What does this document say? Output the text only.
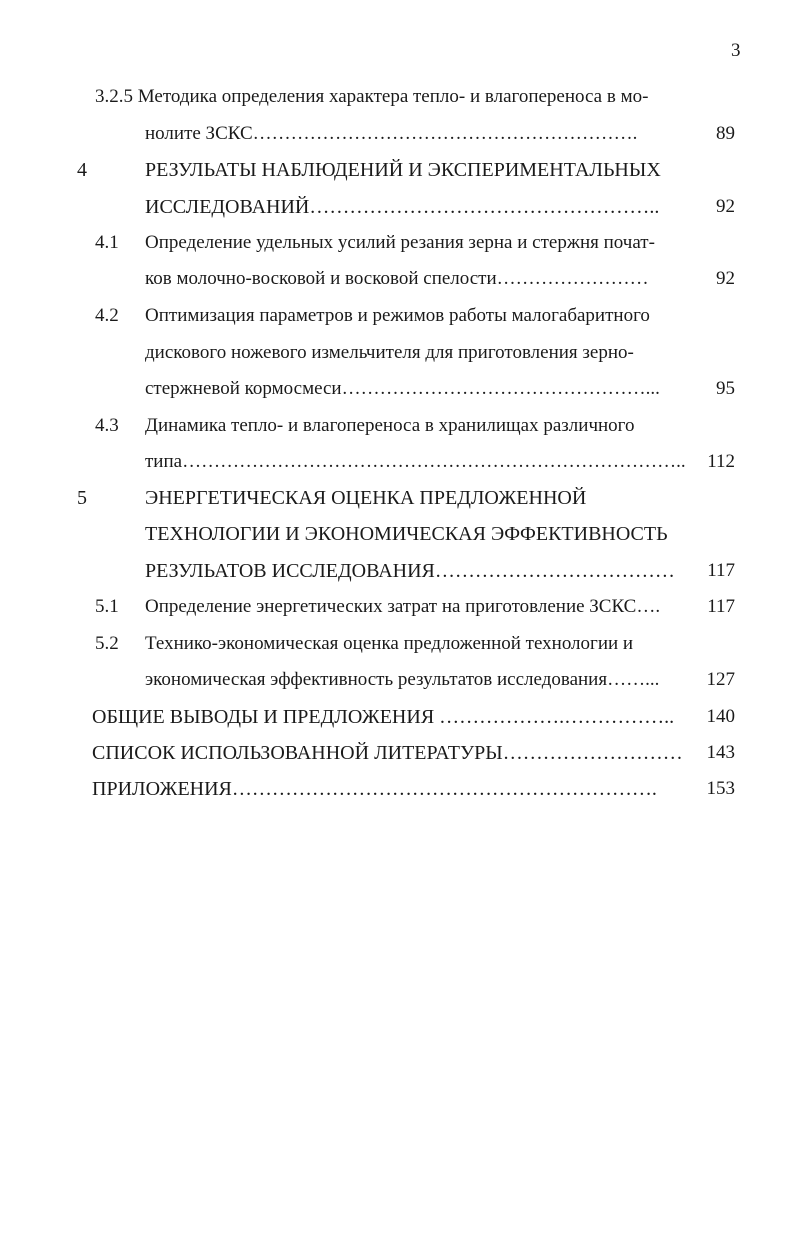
3
3.2.5 Методика определения характера тепло- и влагопереноса в мо-
нолите ЗСКС…………………………………………………….	89
4	РЕЗУЛЬАТЫ НАБЛЮДЕНИЙ И ЭКСПЕРИМЕНТАЛЬНЫХ
ИССЛЕДОВАНИЙ……………………………………………..	92
4.1 Определение удельных усилий резания зерна и стержня почат-
ков молочно-восковой и восковой спелости……………………	92
4.2 Оптимизация параметров и режимов работы малогабаритного
дискового ножевого измельчителя для приготовления зерно-
стержневой кормосмеси…………………………………………...	95
4.3 Динамика тепло- и влагопереноса в хранилищах различного
типа……………………………………………………………………..	112
5	ЭНЕРГЕТИЧЕСКАЯ ОЦЕНКА ПРЕДЛОЖЕННОЙ
ТЕХНОЛОГИИ И ЭКОНОМИЧЕСКАЯ ЭФФЕКТИВНОСТЬ
РЕЗУЛЬАТОВ ИССЛЕДОВАНИЯ………………………………	117
5.1 Определение энергетических затрат на приготовление ЗСКС….	117
5.2 Технико-экономическая оценка предложенной технологии и
экономическая эффективность результатов исследования……...	127
ОБЩИЕ ВЫВОДЫ И ПРЕДЛОЖЕНИЯ ……………….……………..	140
СПИСОК ИСПОЛЬЗОВАННОЙ ЛИТЕРАТУРЫ………………………	143
ПРИЛОЖЕНИЯ……………………………………………………….	153
